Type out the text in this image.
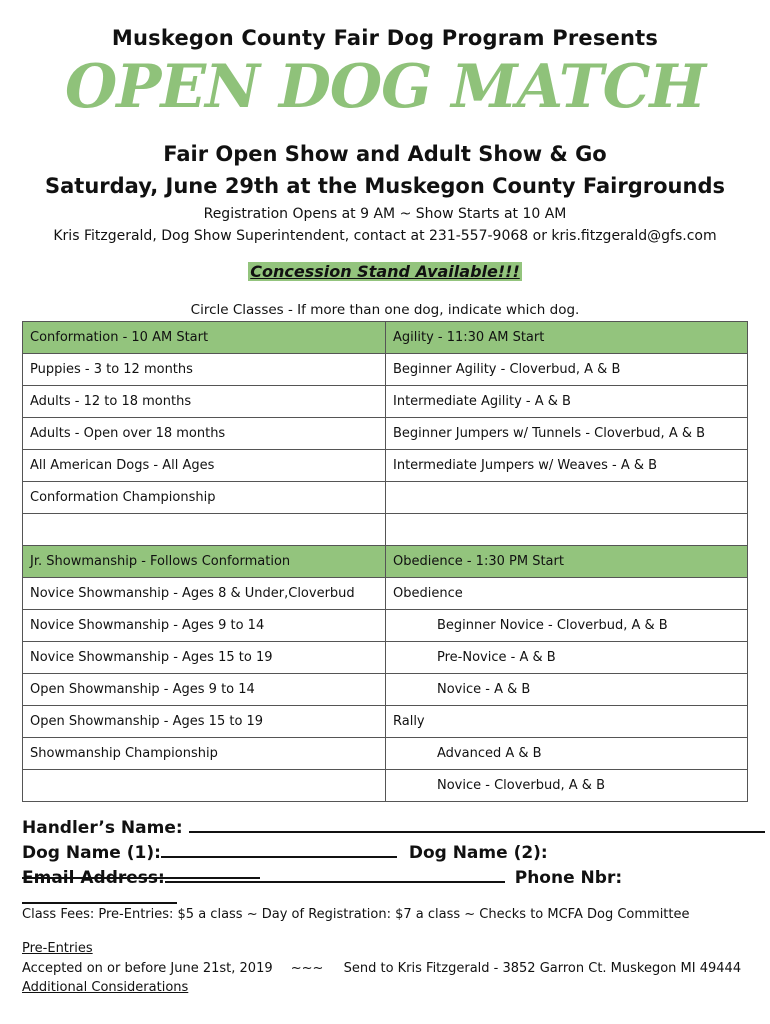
Muskegon County Fair Dog Program Presents
OPEN DOG MATCH
Fair Open Show and Adult Show & Go
Saturday, June 29th at the Muskegon County Fairgrounds
Registration Opens at 9 AM ~ Show Starts at 10 AM
Kris Fitzgerald, Dog Show Superintendent, contact at 231-557-9068 or kris.fitzgerald@gfs.com
Concession Stand Available!!!
Circle Classes - If more than one dog, indicate which dog.
Conformation - 10 AM Start	Agility - 11:30 AM Start
Puppies - 3 to 12 months	Beginner Agility - Cloverbud, A & B
Adults - 12 to 18 months	Intermediate Agility - A & B
Adults - Open over 18 months	Beginner Jumpers w/ Tunnels - Cloverbud, A & B
All American Dogs - All Ages	Intermediate Jumpers w/ Weaves - A & B
Conformation Championship	

Jr. Showmanship - Follows Conformation	Obedience - 1:30 PM Start
Novice Showmanship - Ages 8 & Under,Cloverbud	Obedience
Novice Showmanship - Ages 9 to 14	Beginner Novice - Cloverbud, A & B
Novice Showmanship - Ages 15 to 19	Pre-Novice - A & B
Open Showmanship - Ages 9 to 14	Novice - A & B
Open Showmanship - Ages 15 to 19	Rally
Showmanship Championship	Advanced A & B
	Novice - Cloverbud, A & B
Handler’s Name:
Dog Name (1):	Dog Name (2):
Email Address:	Phone Nbr:
Class Fees: Pre-Entries: $5 a class ~ Day of Registration: $7 a class ~ Checks to MCFA Dog Committee
Pre-Entries
Accepted on or before June 21st, 2019 ~~~ Send to Kris Fitzgerald - 3852 Garron Ct. Muskegon MI 49444
Additional Considerations
